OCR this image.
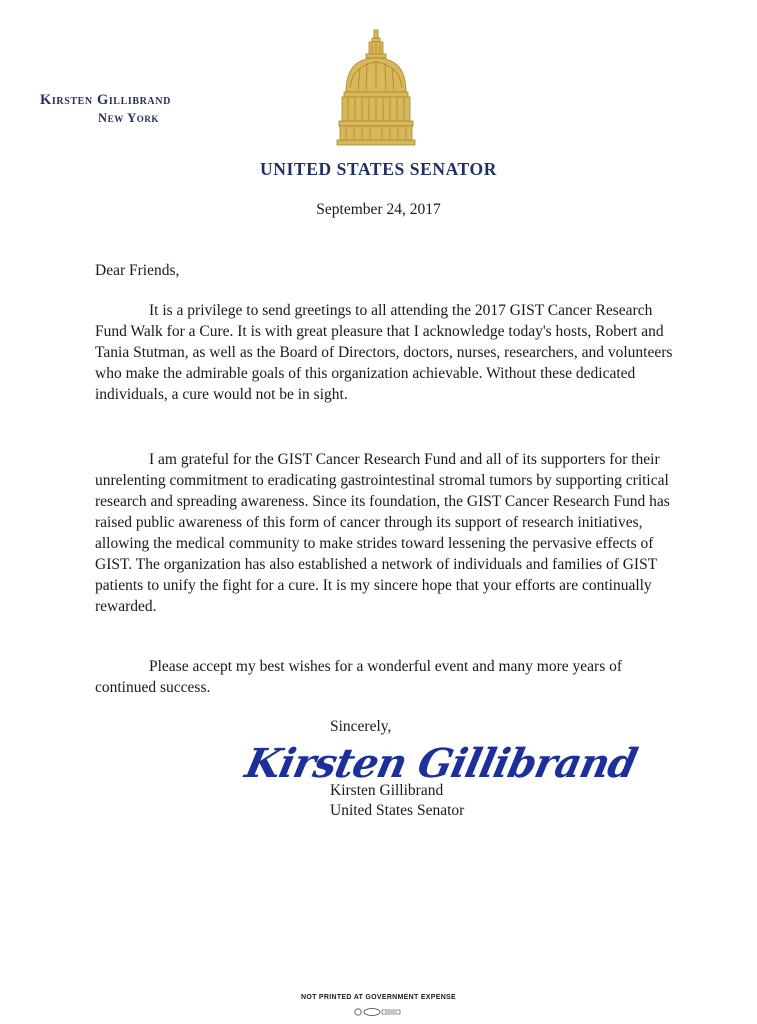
Kirsten Gillibrand
New York
UNITED STATES SENATOR
September 24, 2017
Dear Friends,

It is a privilege to send greetings to all attending the 2017 GIST Cancer Research Fund Walk for a Cure. It is with great pleasure that I acknowledge today's hosts, Robert and Tania Stutman, as well as the Board of Directors, doctors, nurses, researchers, and volunteers who make the admirable goals of this organization achievable. Without these dedicated individuals, a cure would not be in sight.

I am grateful for the GIST Cancer Research Fund and all of its supporters for their unrelenting commitment to eradicating gastrointestinal stromal tumors by supporting critical research and spreading awareness. Since its foundation, the GIST Cancer Research Fund has raised public awareness of this form of cancer through its support of research initiatives, allowing the medical community to make strides toward lessening the pervasive effects of GIST. The organization has also established a network of individuals and families of GIST patients to unify the fight for a cure. It is my sincere hope that your efforts are continually rewarded.

Please accept my best wishes for a wonderful event and many more years of continued success.

Sincerely,
Kirsten Gillibrand
Kirsten Gillibrand
United States Senator
NOT PRINTED AT GOVERNMENT EXPENSE
